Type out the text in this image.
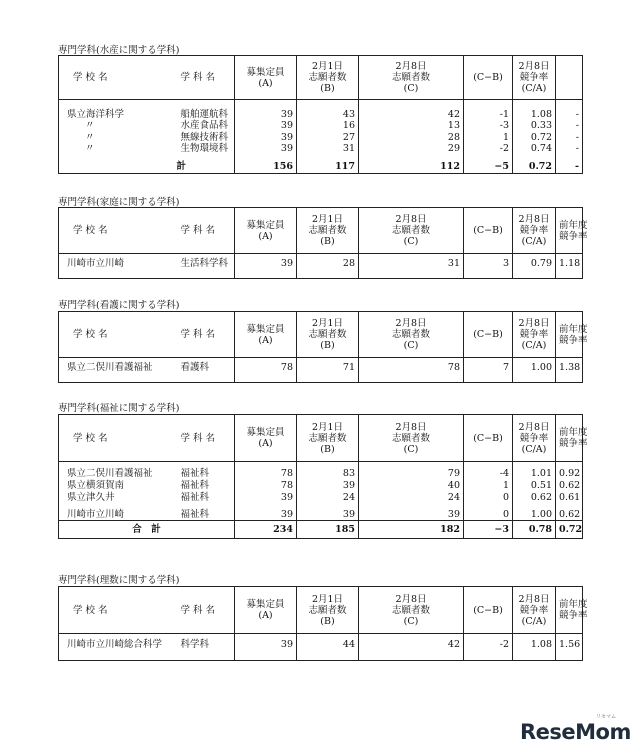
専門学科(水産に関する学科)
学 校 名	学 科 名	募集定員
(A)	2月1日
志願者数
(B)	2月8日
志願者数
(C)	(C−B)	2月8日
競争率
(C/A)	

県立海洋科学	船舶運航科	39	43	42	-1	1.08	-
〃	水産食品科	39	16	13	-3	0.33	-
〃	無線技術科	39	27	28	1	0.72	-
〃	生物環境科	39	31	29	-2	0.74	-

	計	156	117	112	−5	0.72	-
専門学科(家庭に関する学科)
学 校 名	学 科 名	募集定員
(A)	2月1日
志願者数
(B)	2月8日
志願者数
(C)	(C−B)	2月8日
競争率
(C/A)	前年度
競争率

川崎市立川崎	生活科学科	39	28	31	3	0.79	1.18

専門学科(看護に関する学科)
学 校 名	学 科 名	募集定員
(A)	2月1日
志願者数
(B)	2月8日
志願者数
(C)	(C−B)	2月8日
競争率
(C/A)	前年度
競争率

県立二俣川看護福祉	看護科	78	71	78	7	1.00	1.38

専門学科(福祉に関する学科)
学 校 名	学 科 名	募集定員
(A)	2月1日
志願者数
(B)	2月8日
志願者数
(C)	(C−B)	2月8日
競争率
(C/A)	前年度
競争率

県立二俣川看護福祉	福祉科	78	83	79	-4	1.01	0.92
県立横須賀南	福祉科	78	39	40	1	0.51	0.62
県立津久井	福祉科	39	24	24	0	0.62	0.61

川崎市立川崎	福祉科	39	39	39	0	1.00	0.62
合　計		234	185	182	−3	0.78	0.72
専門学科(理数に関する学科)
学 校 名	学 科 名	募集定員
(A)	2月1日
志願者数
(B)	2月8日
志願者数
(C)	(C−B)	2月8日
競争率
(C/A)	前年度
競争率

川崎市立川崎総合科学	科学科	39	44	42	-2	1.08	1.56

ReseMom
リセマム
